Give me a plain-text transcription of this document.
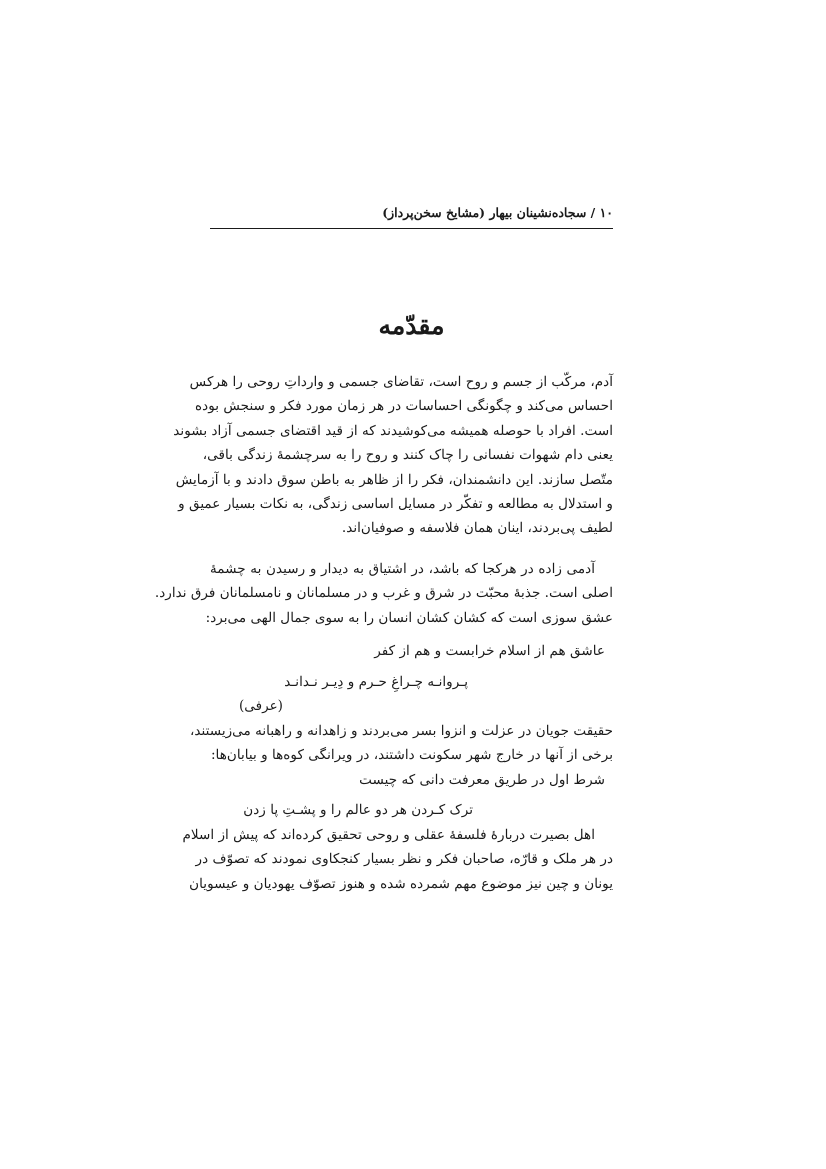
۱۰ / سجاده‌نشینان بیهار (مشایخ سخن‌پرداز)
مقدّمه
آدم، مرکّب از جسم و روح است، تقاضای جسمی و وارداتِ روحی را هرکس
احساس می‌کند و چگونگی احساسات در هر زمان مورد فکر و سنجش بوده
است. افراد با حوصله همیشه می‌کوشیدند که از قید اقتضای جسمی آزاد بشوند
یعنی دام شهوات نفسانی را چاک کنند و روح را به سرچشمهٔ زندگی باقی،
متّصل سازند. این دانشمندان، فکر را از ظاهر به باطن سوق دادند و با آزمایش
و استدلال به مطالعه و تفکّر در مسایل اساسی زندگی، به نکات بسیار عمیق و
لطیف پی‌بردند، اینان همان فلاسفه و صوفیان‌اند.
آدمی زاده در هرکجا که باشد، در اشتیاق به دیدار و رسیدن به چشمهٔ
اصلی است. جذبهٔ محبّت در شرق و غرب و در مسلمانان و نامسلمانان فرق ندارد.
عشق سوزی است که کشان کشان انسان را به سوی جمال الهی می‌برد:
عاشق هم از اسلام خرابست و هم از کفر
پـروانـه چـراغِ حـرم و دِیـر نـدانـد
(عرفی)
حقیقت جویان در عزلت و انزوا بسر می‌بردند و زاهدانه و راهبانه می‌زیستند،
برخی از آنها در خارج شهر سکونت داشتند، در ویرانگی کوه‌ها و بیابان‌ها:
شرط اول در طریق معرفت دانی که چیست
ترک کـردن هر دو عالم را و پشـتِ پا زدن
اهل بصیرت دربارهٔ فلسفهٔ عقلی و روحی تحقیق کرده‌اند که پیش از اسلام
در هر ملک و قارّه، صاحبان فکر و نظر بسیار کنجکاوی نمودند که تصوّف در
یونان و چین نیز موضوع مهم شمرده شده و هنوز تصوّف یهودیان و عیسویان
